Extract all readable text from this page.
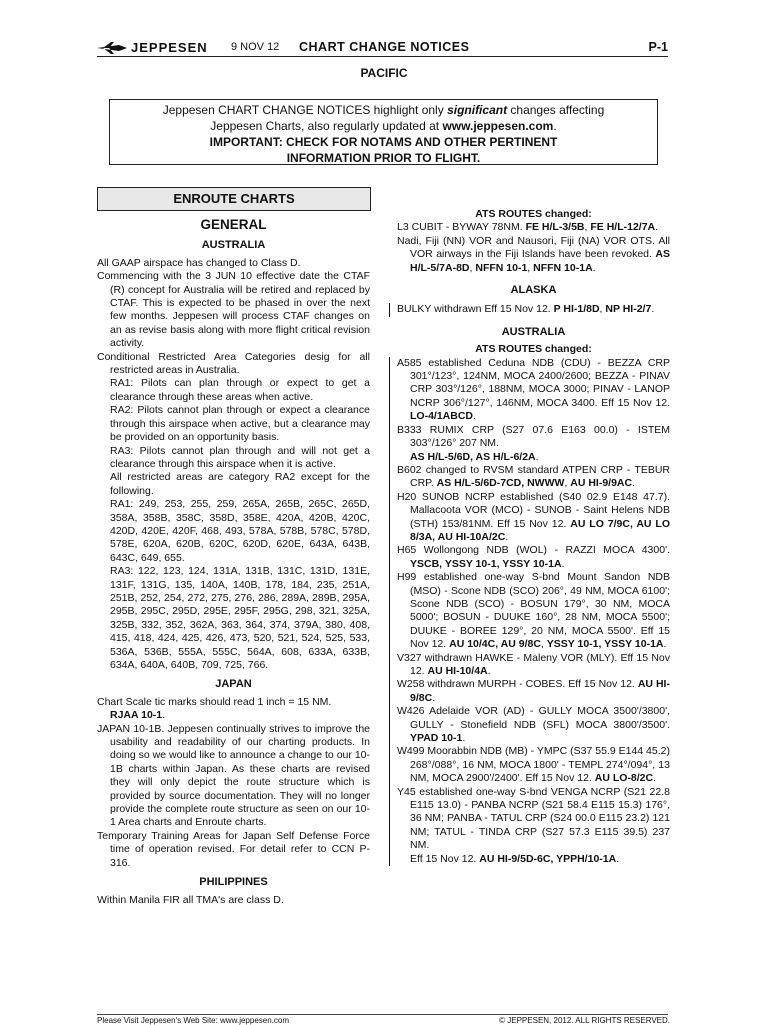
JEPPESEN 9 NOV 12 CHART CHANGE NOTICES	P-1
PACIFIC
Jeppesen CHART CHANGE NOTICES highlight only significant changes affecting
Jeppesen Charts, also regularly updated at www.jeppesen.com.
IMPORTANT: CHECK FOR NOTAMS AND OTHER PERTINENT
INFORMATION PRIOR TO FLIGHT.
ENROUTE CHARTS
GENERAL
AUSTRALIA

All GAAP airspace has changed to Class D.

Commencing with the 3 JUN 10 effective date the CTAF (R) concept for Australia will be retired and replaced by CTAF. This is expected to be phased in over the next few months. Jeppesen will process CTAF changes on an as revise basis along with more flight critical revision activity.

Conditional Restricted Area Categories desig for all restricted areas in Australia.

RA1: Pilots can plan through or expect to get a clearance through these areas when active.

RA2: Pilots cannot plan through or expect a clearance through this airspace when active, but a clearance may be provided on an opportunity basis.

RA3: Pilots cannot plan through and will not get a clearance through this airspace when it is active.

All restricted areas are category RA2 except for the following.

RA1: 249, 253, 255, 259, 265A, 265B, 265C, 265D, 358A, 358B, 358C, 358D, 358E, 420A, 420B, 420C, 420D, 420E, 420F, 468, 493, 578A, 578B, 578C, 578D, 578E, 620A, 620B, 620C, 620D, 620E, 643A, 643B, 643C, 649, 655.

RA3: 122, 123, 124, 131A, 131B, 131C, 131D, 131E, 131F, 131G, 135, 140A, 140B, 178, 184, 235, 251A, 251B, 252, 254, 272, 275, 276, 286, 289A, 289B, 295A, 295B, 295C, 295D, 295E, 295F, 295G, 298, 321, 325A, 325B, 332, 352, 362A, 363, 364, 374, 379A, 380, 408, 415, 418, 424, 425, 426, 473, 520, 521, 524, 525, 533, 536A, 536B, 555A, 555C, 564A, 608, 633A, 633B, 634A, 640A, 640B, 709, 725, 766.

JAPAN

Chart Scale tic marks should read 1 inch = 15 NM.
RJAA 10-1.

JAPAN 10-1B. Jeppesen continually strives to improve the usability and readability of our charting products. In doing so we would like to announce a change to our 10-1B charts within Japan. As these charts are revised they will only depict the route structure which is provided by source documentation. They will no longer provide the complete route structure as seen on our 10-1 Area charts and Enroute charts.

Temporary Training Areas for Japan Self Defense Force time of operation revised. For detail refer to CCN P-316.

PHILIPPINES

Within Manila FIR all TMA's are class D.

ATS ROUTES changed:

L3 CUBIT - BYWAY 78NM. FE H/L-3/5B, FE H/L-12/7A.

Nadi, Fiji (NN) VOR and Nausori, Fiji (NA) VOR OTS. All VOR airways in the Fiji Islands have been revoked. AS H/L-5/7A-8D, NFFN 10-1, NFFN 10-1A.

ALASKA

BULKY withdrawn Eff 15 Nov 12. P HI-1/8D, NP HI-2/7.

AUSTRALIA
ATS ROUTES changed:

A585 established Ceduna NDB (CDU) - BEZZA CRP 301°/123°, 124NM, MOCA 2400/2600; BEZZA - PINAV CRP 303°/126°, 188NM, MOCA 3000; PINAV - LANOP NCRP 306°/127°, 146NM, MOCA 3400. Eff 15 Nov 12. LO-4/1ABCD.

B333 RUMIX CRP (S27 07.6 E163 00.0) - ISTEM 303°/126° 207 NM.
AS H/L-5/6D, AS H/L-6/2A.

B602 changed to RVSM standard ATPEN CRP - TEBUR CRP. AS H/L-5/6D-7CD, NWWW, AU HI-9/9AC.

H20 SUNOB NCRP established (S40 02.9 E148 47.7). Mallacoota VOR (MCO) - SUNOB - Saint Helens NDB (STH) 153/81NM. Eff 15 Nov 12. AU LO 7/9C, AU LO 8/3A, AU HI-10A/2C.

H65 Wollongong NDB (WOL) - RAZZI MOCA 4300'. YSCB, YSSY 10-1, YSSY 10-1A.

H99 established one-way S-bnd Mount Sandon NDB (MSO) - Scone NDB (SCO) 206°, 49 NM, MOCA 6100'; Scone NDB (SCO) - BOSUN 179°, 30 NM, MOCA 5000'; BOSUN - DUUKE 160°, 28 NM, MOCA 5500'; DUUKE - BOREE 129°, 20 NM, MOCA 5500'. Eff 15 Nov 12. AU 10/4C, AU 9/8C, YSSY 10-1, YSSY 10-1A.

V327 withdrawn HAWKE - Maleny VOR (MLY). Eff 15 Nov 12. AU HI-10/4A.

W258 withdrawn MURPH - COBES. Eff 15 Nov 12. AU HI-9/8C.

W426 Adelaide VOR (AD) - GULLY MOCA 3500'/3800', GULLY - Stonefield NDB (SFL) MOCA 3800'/3500'. YPAD 10-1.

W499 Moorabbin NDB (MB) - YMPC (S37 55.9 E144 45.2) 268°/088°, 16 NM, MOCA 1800' - TEMPL 274°/094°, 13 NM, MOCA 2900'/2400'. Eff 15 Nov 12. AU LO-8/2C.

Y45 established one-way S-bnd VENGA NCRP (S21 22.8 E115 13.0) - PANBA NCRP (S21 58.4 E115 15.3) 176°, 36 NM; PANBA - TATUL CRP (S24 00.0 E115 23.2) 121 NM; TATUL - TINDA CRP (S27 57.3 E115 39.5) 237 NM.
Eff 15 Nov 12. AU HI-9/5D-6C, YPPH/10-1A.

Please Visit Jeppesen's Web Site: www.jeppesen.com	© JEPPESEN, 2012. ALL RIGHTS RESERVED.
